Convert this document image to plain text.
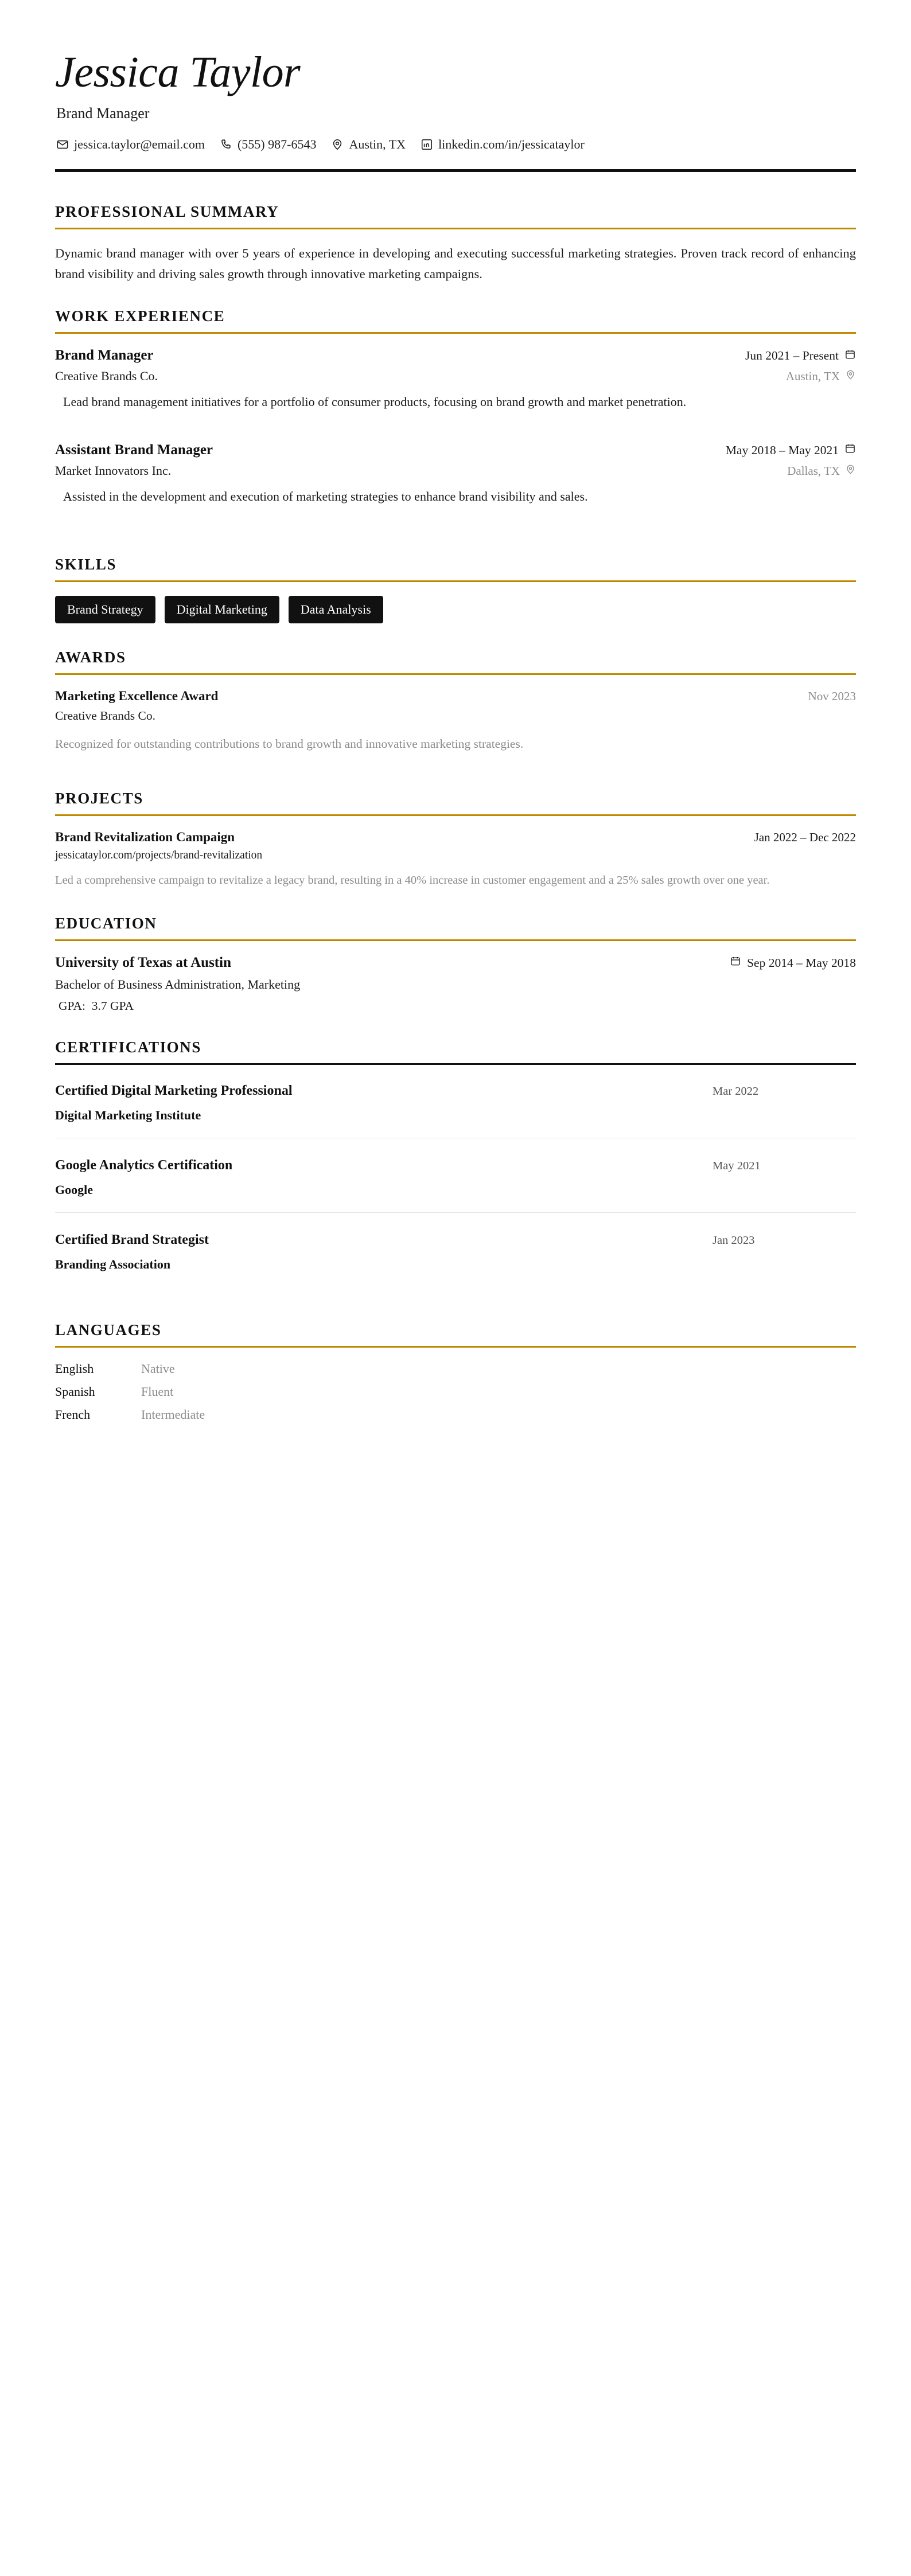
Jessica Taylor
Brand Manager
jessica.taylor@email.com	(555) 987-6543	Austin, TX	linkedin.com/in/jessicataylor
PROFESSIONAL SUMMARY

Dynamic brand manager with over 5 years of experience in developing and executing successful marketing strategies. Proven track record of enhancing brand visibility and driving sales growth through innovative marketing campaigns.

WORK EXPERIENCE
Brand Manager	Jun 2021 – Present
Creative Brands Co.	Austin, TX
Lead brand management initiatives for a portfolio of consumer products, focusing on brand growth and market penetration.
Assistant Brand Manager	May 2018 – May 2021
Market Innovators Inc.	Dallas, TX
Assisted in the development and execution of marketing strategies to enhance brand visibility and sales.
SKILLS
Brand Strategy	Digital Marketing	Data Analysis
AWARDS
Marketing Excellence Award	Nov 2023
Creative Brands Co.
Recognized for outstanding contributions to brand growth and innovative marketing strategies.
PROJECTS
Brand Revitalization Campaign	Jan 2022 – Dec 2022
jessicataylor.com/projects/brand-revitalization
Led a comprehensive campaign to revitalize a legacy brand, resulting in a 40% increase in customer engagement and a 25% sales growth over one year.
EDUCATION
University of Texas at Austin	Sep 2014 – May 2018
Bachelor of Business Administration, Marketing
GPA: 3.7 GPA
CERTIFICATIONS
Certified Digital Marketing Professional	Mar 2022
Digital Marketing Institute
Google Analytics Certification	May 2021
Google
Certified Brand Strategist	Jan 2023
Branding Association
LANGUAGES
English	Native
Spanish	Fluent
French	Intermediate
